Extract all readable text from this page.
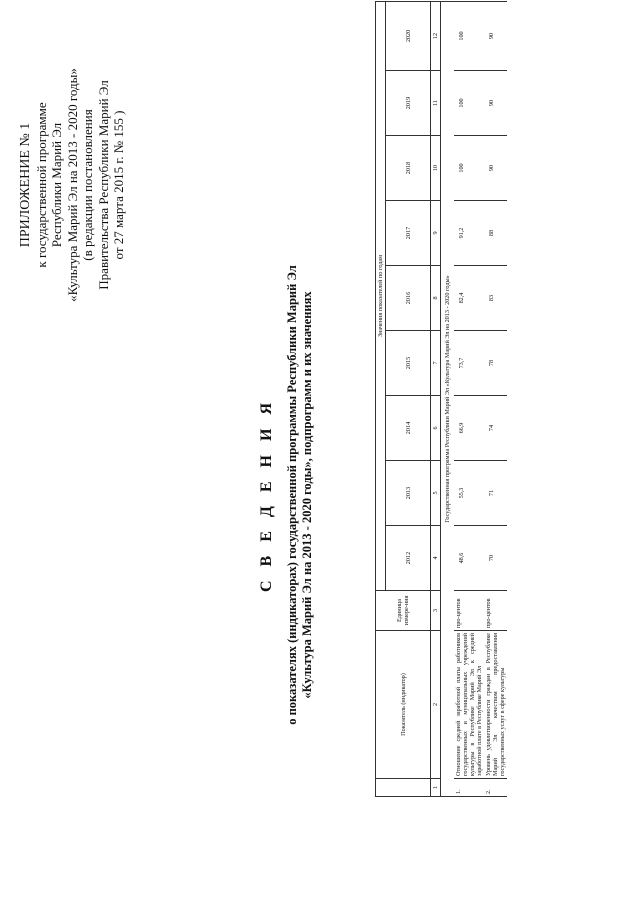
ПРИЛОЖЕНИЕ № 1 к государственной программе Республики Марий Эл «Культура Марий Эл на 2013 - 2020 годы» (в редакции постановления Правительства Республики Марий Эл от 27 марта 2015 г. № 155 )
С В Е Д Е Н И Я о показателях (индикаторах) государственной программы Республики Марий Эл «Культура Марий Эл на 2013 - 2020 годы», подпрограмм и их значениях
	Показатель (индикатор)	Единица измере-ния	Значения показателей по годам								
			2012	2013	2014	2015	2016	2017	2018	2019	2020
1	2	3	4	5	6	7	8	9	10	11	12
Государственная программа Республики Марий Эл «Культура Марий Эл на 2013 - 2020 годы»											
1.	Отношение средней заработной платы работников государственных и муниципальных учреждений культуры в Республике Марий Эл к средней заработной плате в Республике Марий Эл	про-центов	48,6	55,3	66,9	73,7	82,4	91,2	100	100	100
2.	Уровень удовлетворенности граждан в Республике Марий Эл качеством предоставления государственных услуг в сфере культуры	про-центов	70	71	74	78	83	88	90	90	90
